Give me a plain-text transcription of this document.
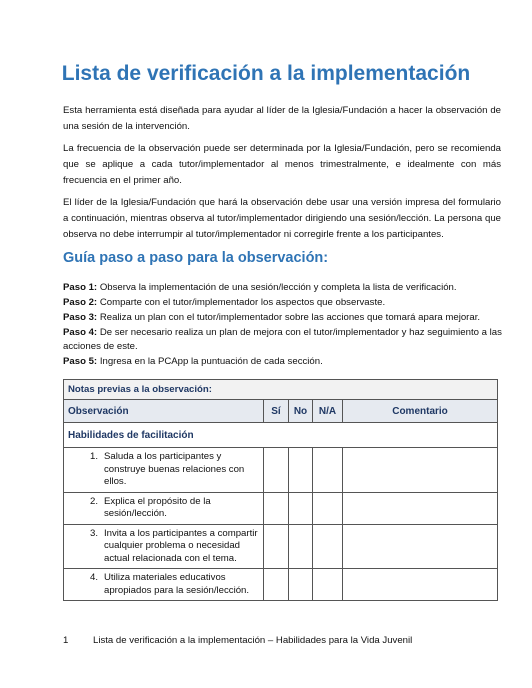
Lista de verificación a la implementación

Esta herramienta está diseñada para ayudar al líder de la Iglesia/Fundación a hacer la observación de una sesión de la intervención.

La frecuencia de la observación puede ser determinada por la Iglesia/Fundación, pero se recomienda que se aplique a cada tutor/implementador al menos trimestralmente, e idealmente con más frecuencia en el primer año.

El líder de la Iglesia/Fundación que hará la observación debe usar una versión impresa del formulario a continuación, mientras observa al tutor/implementador dirigiendo una sesión/lección. La persona que observa no debe interrumpir al tutor/implementador ni corregirle frente a los participantes.

Guía paso a paso para la observación:
Paso 1: Observa la implementación de una sesión/lección y completa la lista de verificación.
Paso 2: Comparte con el tutor/implementador los aspectos que observaste.
Paso 3: Realiza un plan con el tutor/implementador sobre las acciones que tomará apara mejorar.
Paso 4: De ser necesario realiza un plan de mejora con el tutor/implementador y haz seguimiento a las acciones de este.
Paso 5: Ingresa en la PCApp la puntuación de cada sección.
Notas previas a la observación:				
Observación	Sí	No	N/A	Comentario
Habilidades de facilitación				

1. Saluda a los participantes y construye buenas relaciones con ellos.				

2. Explica el propósito de la sesión/lección.				

3. Invita a los participantes a compartir cualquier problema o necesidad actual relacionada con el tema.				

4. Utiliza materiales educativos apropiados para la sesión/lección.				

1	Lista de verificación a la implementación – Habilidades para la Vida Juvenil
